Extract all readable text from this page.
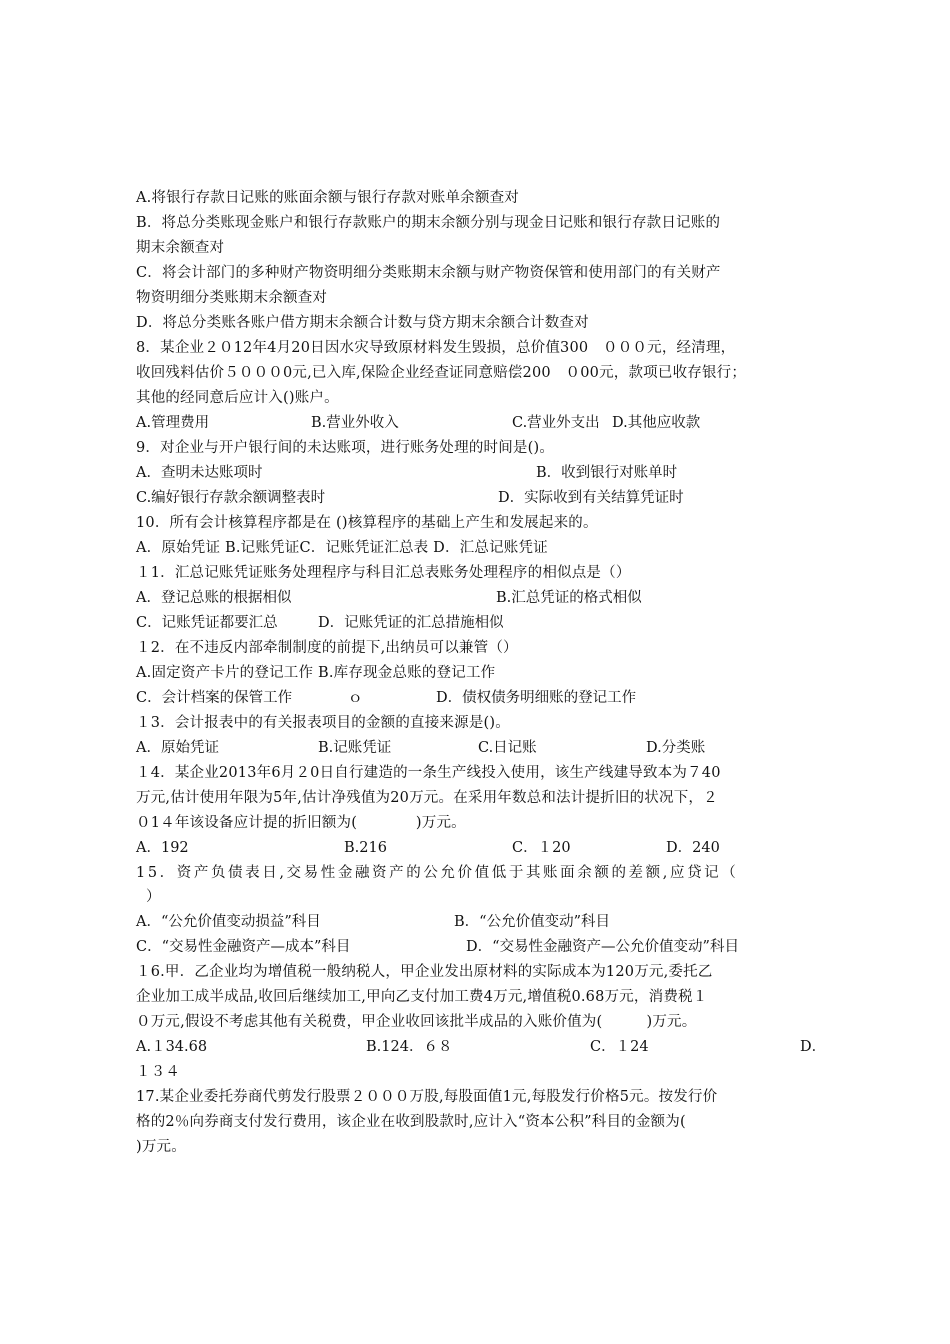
A.将银行存款日记账的账面余额与银行存款对账单余额查对
B．将总分类账现金账户和银行存款账户的期末余额分别与现金日记账和银行存款日记账的
期末余额查对
C．将会计部门的多种财产物资明细分类账期末余额与财产物资保管和使用部门的有关财产
物资明细分类账期末余额查对
D．将总分类账各账户借方期末余额合计数与贷方期末余额合计数查对
8．某企业２０12年4月20日因水灾导致原材料发生毁损，总价值300　０００元，经清理，
收回残料估价５０００0元,已入库,保险企业经查证同意赔偿200　０00元，款项已收存银行；
其他的经同意后应计入()账户。
A.管理费用	B.营业外收入	C.营业外支出 D.其他应收款
9．对企业与开户银行间的未达账项，进行账务处理的时间是()。
A．查明未达账项时	B．收到银行对账单时
C.编好银行存款余额调整表时	D．实际收到有关结算凭证时
10．所有会计核算程序都是在 ()核算程序的基础上产生和发展起来的。
A．原始凭证 B.记账凭证C．记账凭证汇总表 D．汇总记账凭证
１1．汇总记账凭证账务处理程序与科目汇总表账务处理程序的相似点是（）
A．登记总账的根据相似	B.汇总凭证的格式相似
C．记账凭证都要汇总	D．记账凭证的汇总措施相似
１2．在不违反内部牵制制度的前提下,出纳员可以兼管（）
A.固定资产卡片的登记工作 B.库存现金总账的登记工作
C．会计档案的保管工作	ｏ	D．债权债务明细账的登记工作
１3．会计报表中的有关报表项目的金额的直接来源是()。
A．原始凭证	B.记账凭证	C.日记账	D.分类账
１4．某企业2013年6月２0日自行建造的一条生产线投入使用，该生产线建导致本为７40
万元,估计使用年限为5年,估计净残值为20万元。在采用年数总和法计提折旧的状况下，２
０1４年该设备应计提的折旧额为(　　　　)万元。
A．192	B.216	C．１20	D．240
15．资产负债表日,交易性金融资产的公允价值低于其账面余额的差额,应贷记（
）
A．“公允价值变动损益”科目	B．“公允价值变动”科目
C．“交易性金融资产—成本”科目	D．“交易性金融资产—公允价值变动”科目
１6.甲．乙企业均为增值税一般纳税人，甲企业发出原材料的实际成本为120万元,委托乙
企业加工成半成品,收回后继续加工,甲向乙支付加工费4万元,增值税0.68万元，消费税１
０万元,假设不考虑其他有关税费，甲企业收回该批半成品的入账价值为(　　　)万元。
A.１34.68	B.124．６８	C．１24	D．
１３４
17.某企业委托券商代剪发行股票２０００万股,每股面值1元,每股发行价格5元。按发行价
格的2％向券商支付发行费用，该企业在收到股款时,应计入“资本公积”科目的金额为(
)万元。
